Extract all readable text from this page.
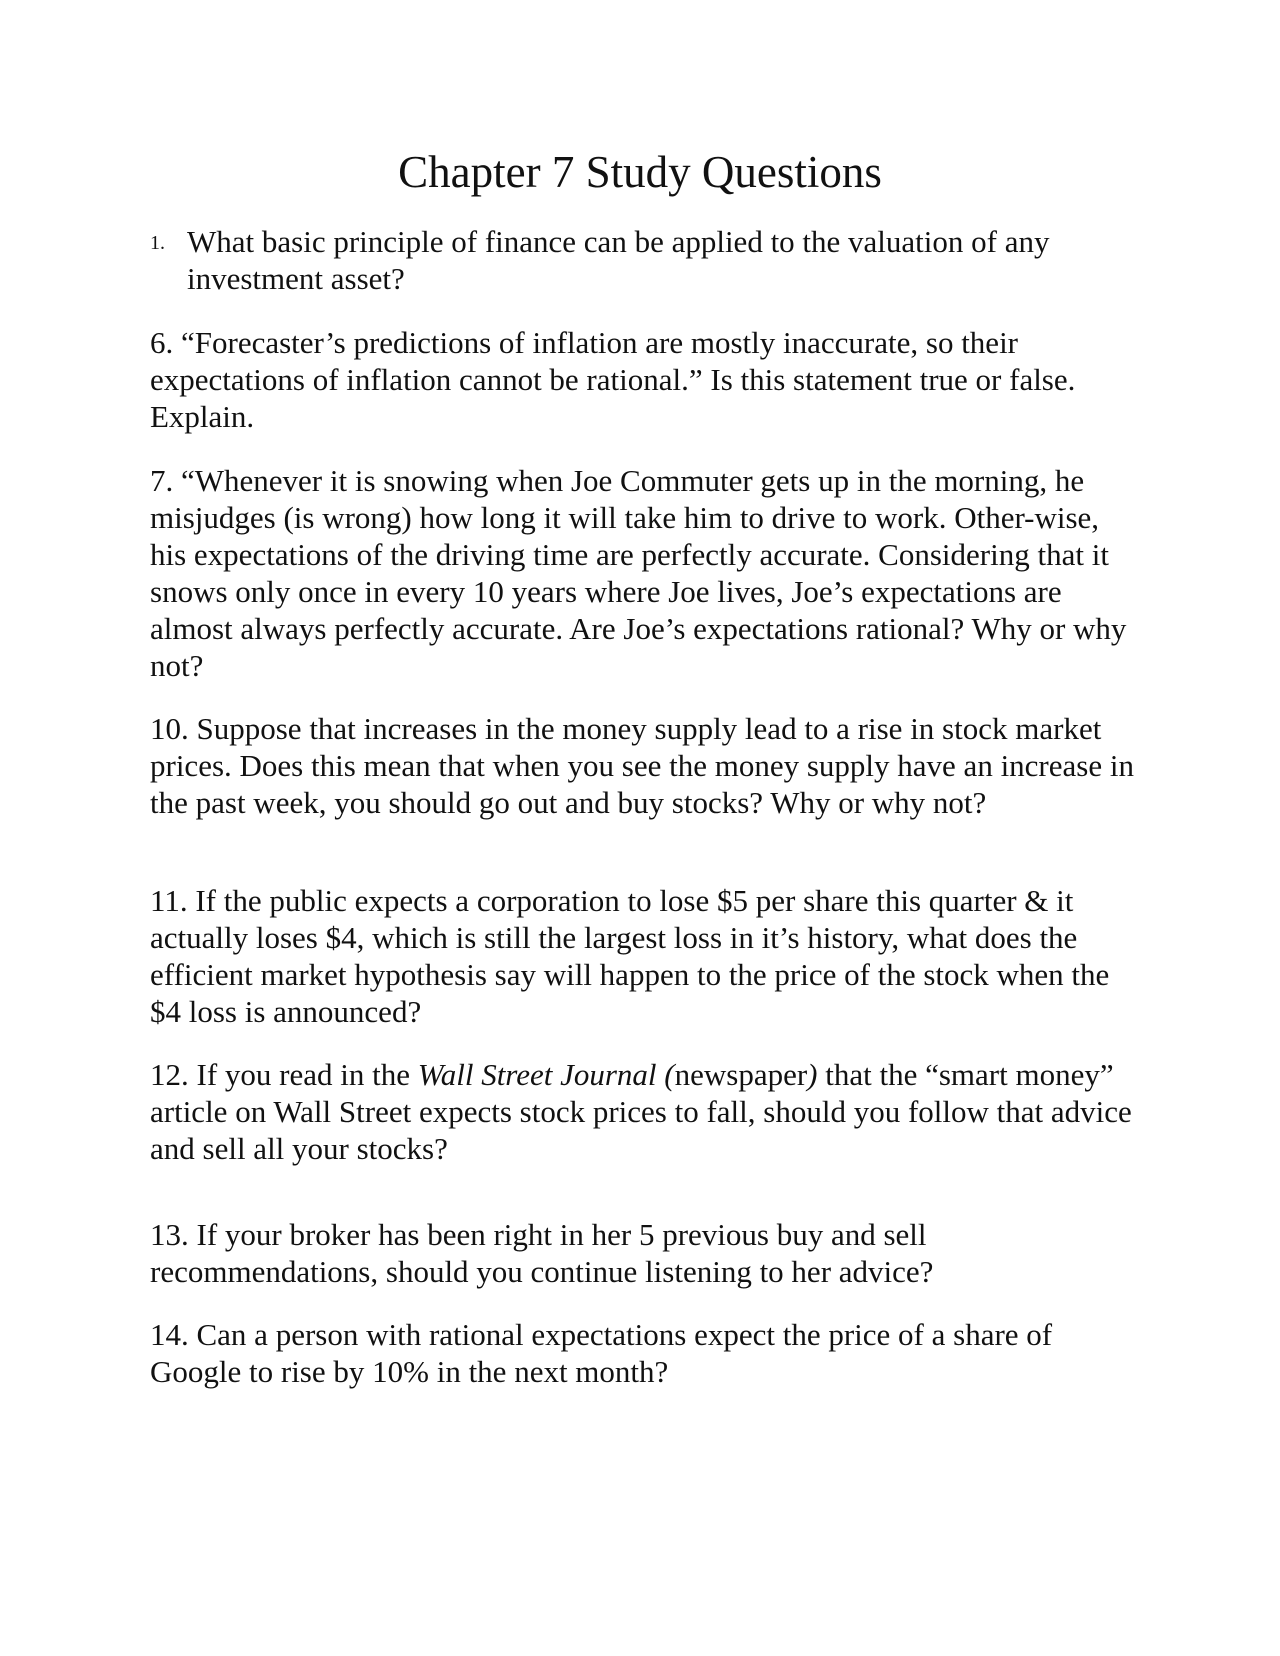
Chapter 7 Study Questions

1. What basic principle of finance can be applied to the valuation of any investment asset?

6. “Forecaster’s predictions of inflation are mostly inaccurate, so their expectations of inflation cannot be rational.” Is this statement true or false. Explain.

7. “Whenever it is snowing when Joe Commuter gets up in the morning, he misjudges (is wrong) how long it will take him to drive to work. Other-wise, his expectations of the driving time are perfectly accurate. Considering that it snows only once in every 10 years where Joe lives, Joe’s expectations are almost always perfectly accurate. Are Joe’s expectations rational? Why or why not?

10. Suppose that increases in the money supply lead to a rise in stock market prices. Does this mean that when you see the money supply have an increase in the past week, you should go out and buy stocks? Why or why not?

11. If the public expects a corporation to lose $5 per share this quarter & it actually loses $4, which is still the largest loss in it’s history, what does the efficient market hypothesis say will happen to the price of the stock when the $4 loss is announced?

12. If you read in the Wall Street Journal (newspaper) that the “smart money” article on Wall Street expects stock prices to fall, should you follow that advice and sell all your stocks?

13. If your broker has been right in her 5 previous buy and sell recommendations, should you continue listening to her advice?

14. Can a person with rational expectations expect the price of a share of Google to rise by 10% in the next month?
